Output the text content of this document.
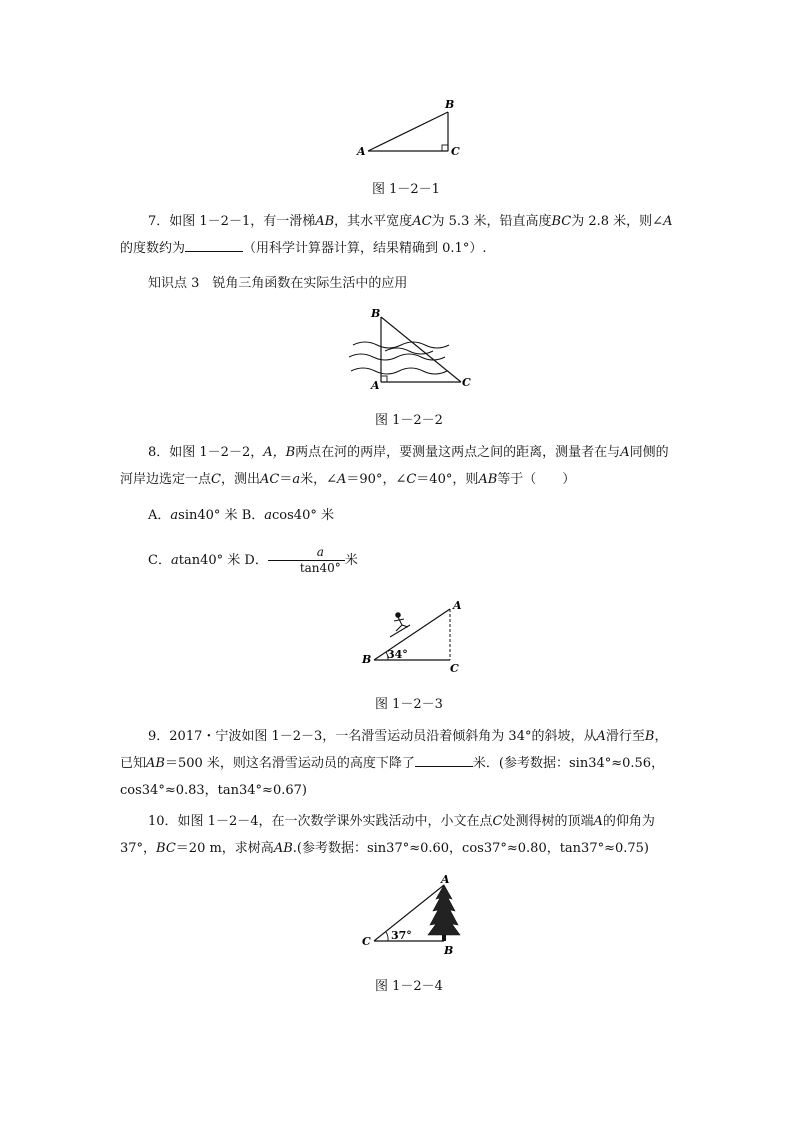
B
A	C
图 1－2－1
7．如图 1－2－1，有一滑梯AB，其水平宽度AC为 5.3 米，铅直高度BC为 2.8 米，则∠A的度数约为	（用科学计算器计算，结果精确到 0.1°）.
知识点 3　锐角三角函数在实际生活中的应用
B
A	C
图 1－2－2
8．如图 1－2－2，A，B两点在河的两岸，要测量这两点之间的距离，测量者在与A同侧的河岸边选定一点C，测出AC＝a米，∠A＝90°，∠C＝40°，则AB等于（　　）
A．asin40° 米 B．acos40° 米
C．atan40° 米 D． $\frac{a}{\tan 40^\circ}$ 米
A
B
C
34°
图 1－2－3
9．2017・宁波如图 1－2－3，一名滑雪运动员沿着倾斜角为 34°的斜坡，从A滑行至B，已知AB＝500 米，则这名滑雪运动员的高度下降了	米．(参考数据：sin34°≈0.56，cos34°≈0.83，tan34°≈0.67)
10．如图 1－2－4，在一次数学课外实践活动中，小文在点C处测得树的顶端A的仰角为 37°，BC＝20 m，求树高AB.(参考数据：sin37°≈0.60，cos37°≈0.80，tan37°≈0.75)
A
B
C 37°
图 1－2－4
